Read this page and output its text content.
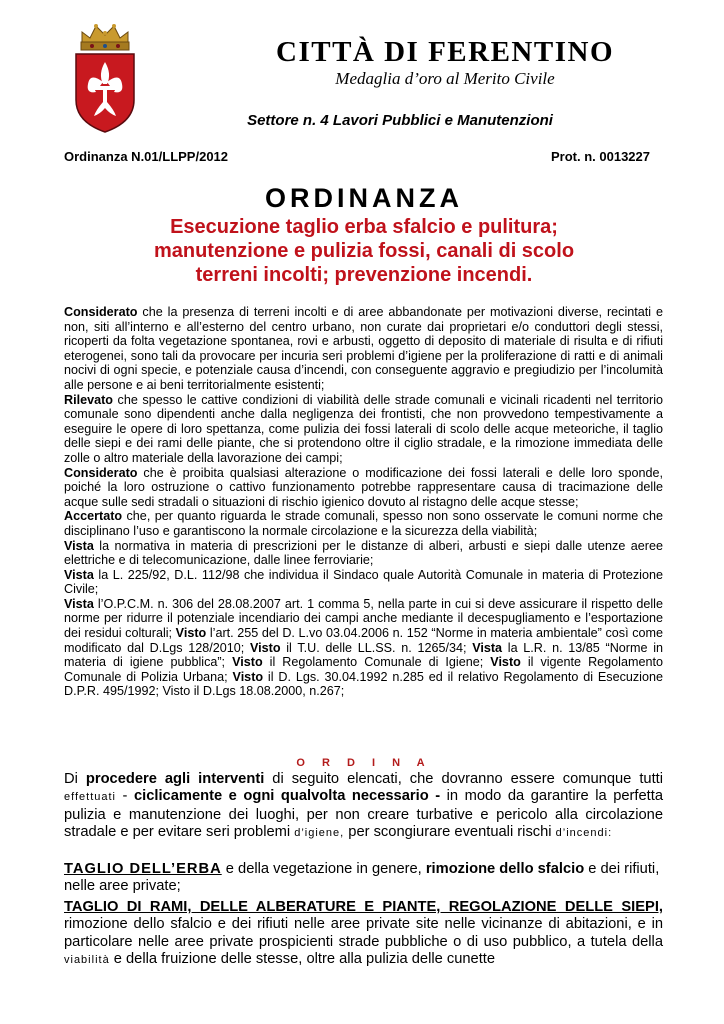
CITTÀ DI FERENTINO
Medaglia d’oro al Merito Civile
Settore n. 4 Lavori Pubblici e Manutenzioni
Ordinanza N.01/LLPP/2012	Prot. n. 0013227
ORDINANZA
Esecuzione taglio erba sfalcio e pulitura;
manutenzione e pulizia fossi, canali di scolo
terreni incolti; prevenzione incendi.

Considerato che la presenza di terreni incolti e di aree abbandonate per motivazioni diverse, recintati e non, siti all’interno e all’esterno del centro urbano, non curate dai proprietari e/o conduttori degli stessi, ricoperti da folta vegetazione spontanea, rovi e arbusti, oggetto di deposito di materiale di risulta e di rifiuti eterogenei, sono tali da provocare per incuria seri problemi d’igiene per la proliferazione di ratti e di animali nocivi di ogni specie, e potenziale causa d’incendi, con conseguente aggravio e pregiudizio per l’incolumità alle persone e ai beni territorialmente esistenti;

Rilevato che spesso le cattive condizioni di viabilità delle strade comunali e vicinali ricadenti nel territorio comunale sono dipendenti anche dalla negligenza dei frontisti, che non provvedono tempestivamente a eseguire le opere di loro spettanza, come pulizia dei fossi laterali di scolo delle acque meteoriche, il taglio delle siepi e dei rami delle piante, che si protendono oltre il ciglio stradale, e la rimozione immediata delle zolle o altro materiale della lavorazione dei campi;

Considerato che è proibita qualsiasi alterazione o modificazione dei fossi laterali e delle loro sponde, poiché la loro ostruzione o cattivo funzionamento potrebbe rappresentare causa di tracimazione delle acque sulle sedi stradali o situazioni di rischio igienico dovuto al ristagno delle acque stesse;

Accertato che, per quanto riguarda le strade comunali, spesso non sono osservate le comuni norme che disciplinano l’uso e garantiscono la normale circolazione e la sicurezza della viabilità;

Vista la normativa in materia di prescrizioni per le distanze di alberi, arbusti e siepi dalle utenze aeree elettriche e di telecomunicazione, dalle linee ferroviarie;

Vista la L. 225/92, D.L. 112/98 che individua il Sindaco quale Autorità Comunale in materia di Protezione Civile;

Vista l’O.P.C.M. n. 306 del 28.08.2007 art. 1 comma 5, nella parte in cui si deve assicurare il rispetto delle norme per ridurre il potenziale incendiario dei campi anche mediante il decespugliamento e l’esportazione dei residui colturali; Visto l’art. 255 del D. L.vo 03.04.2006 n. 152 “Norme in materia ambientale” così come modificato dal D.Lgs 128/2010; Visto il T.U. delle LL.SS. n. 1265/34; Vista la L.R. n. 13/85 “Norme in materia di igiene pubblica”; Visto il Regolamento Comunale di Igiene; Visto il vigente Regolamento Comunale di Polizia Urbana; Visto il D. Lgs. 30.04.1992 n.285 ed il relativo Regolamento di Esecuzione D.P.R. 495/1992; Visto il D.Lgs 18.08.2000, n.267;

O R D I N A

Di procedere agli interventi di seguito elencati, che dovranno essere comunque tutti effettuati - ciclicamente e ogni qualvolta necessario - in modo da garantire la perfetta pulizia e manutenzione dei luoghi, per non creare turbative e pericolo alla circolazione stradale e per evitare seri problemi d’igiene, per scongiurare eventuali rischi d’incendi:

TAGLIO DELL’ERBA e della vegetazione in genere, rimozione dello sfalcio e dei rifiuti, nelle aree private;
TAGLIO DI RAMI, DELLE ALBERATURE E PIANTE, REGOLAZIONE DELLE SIEPI, rimozione dello sfalcio e dei rifiuti nelle aree private site nelle vicinanze di abitazioni, e in particolare nelle aree private prospicienti strade pubbliche o di uso pubblico, a tutela della viabilità e della fruizione delle stesse, oltre alla pulizia delle cunette
